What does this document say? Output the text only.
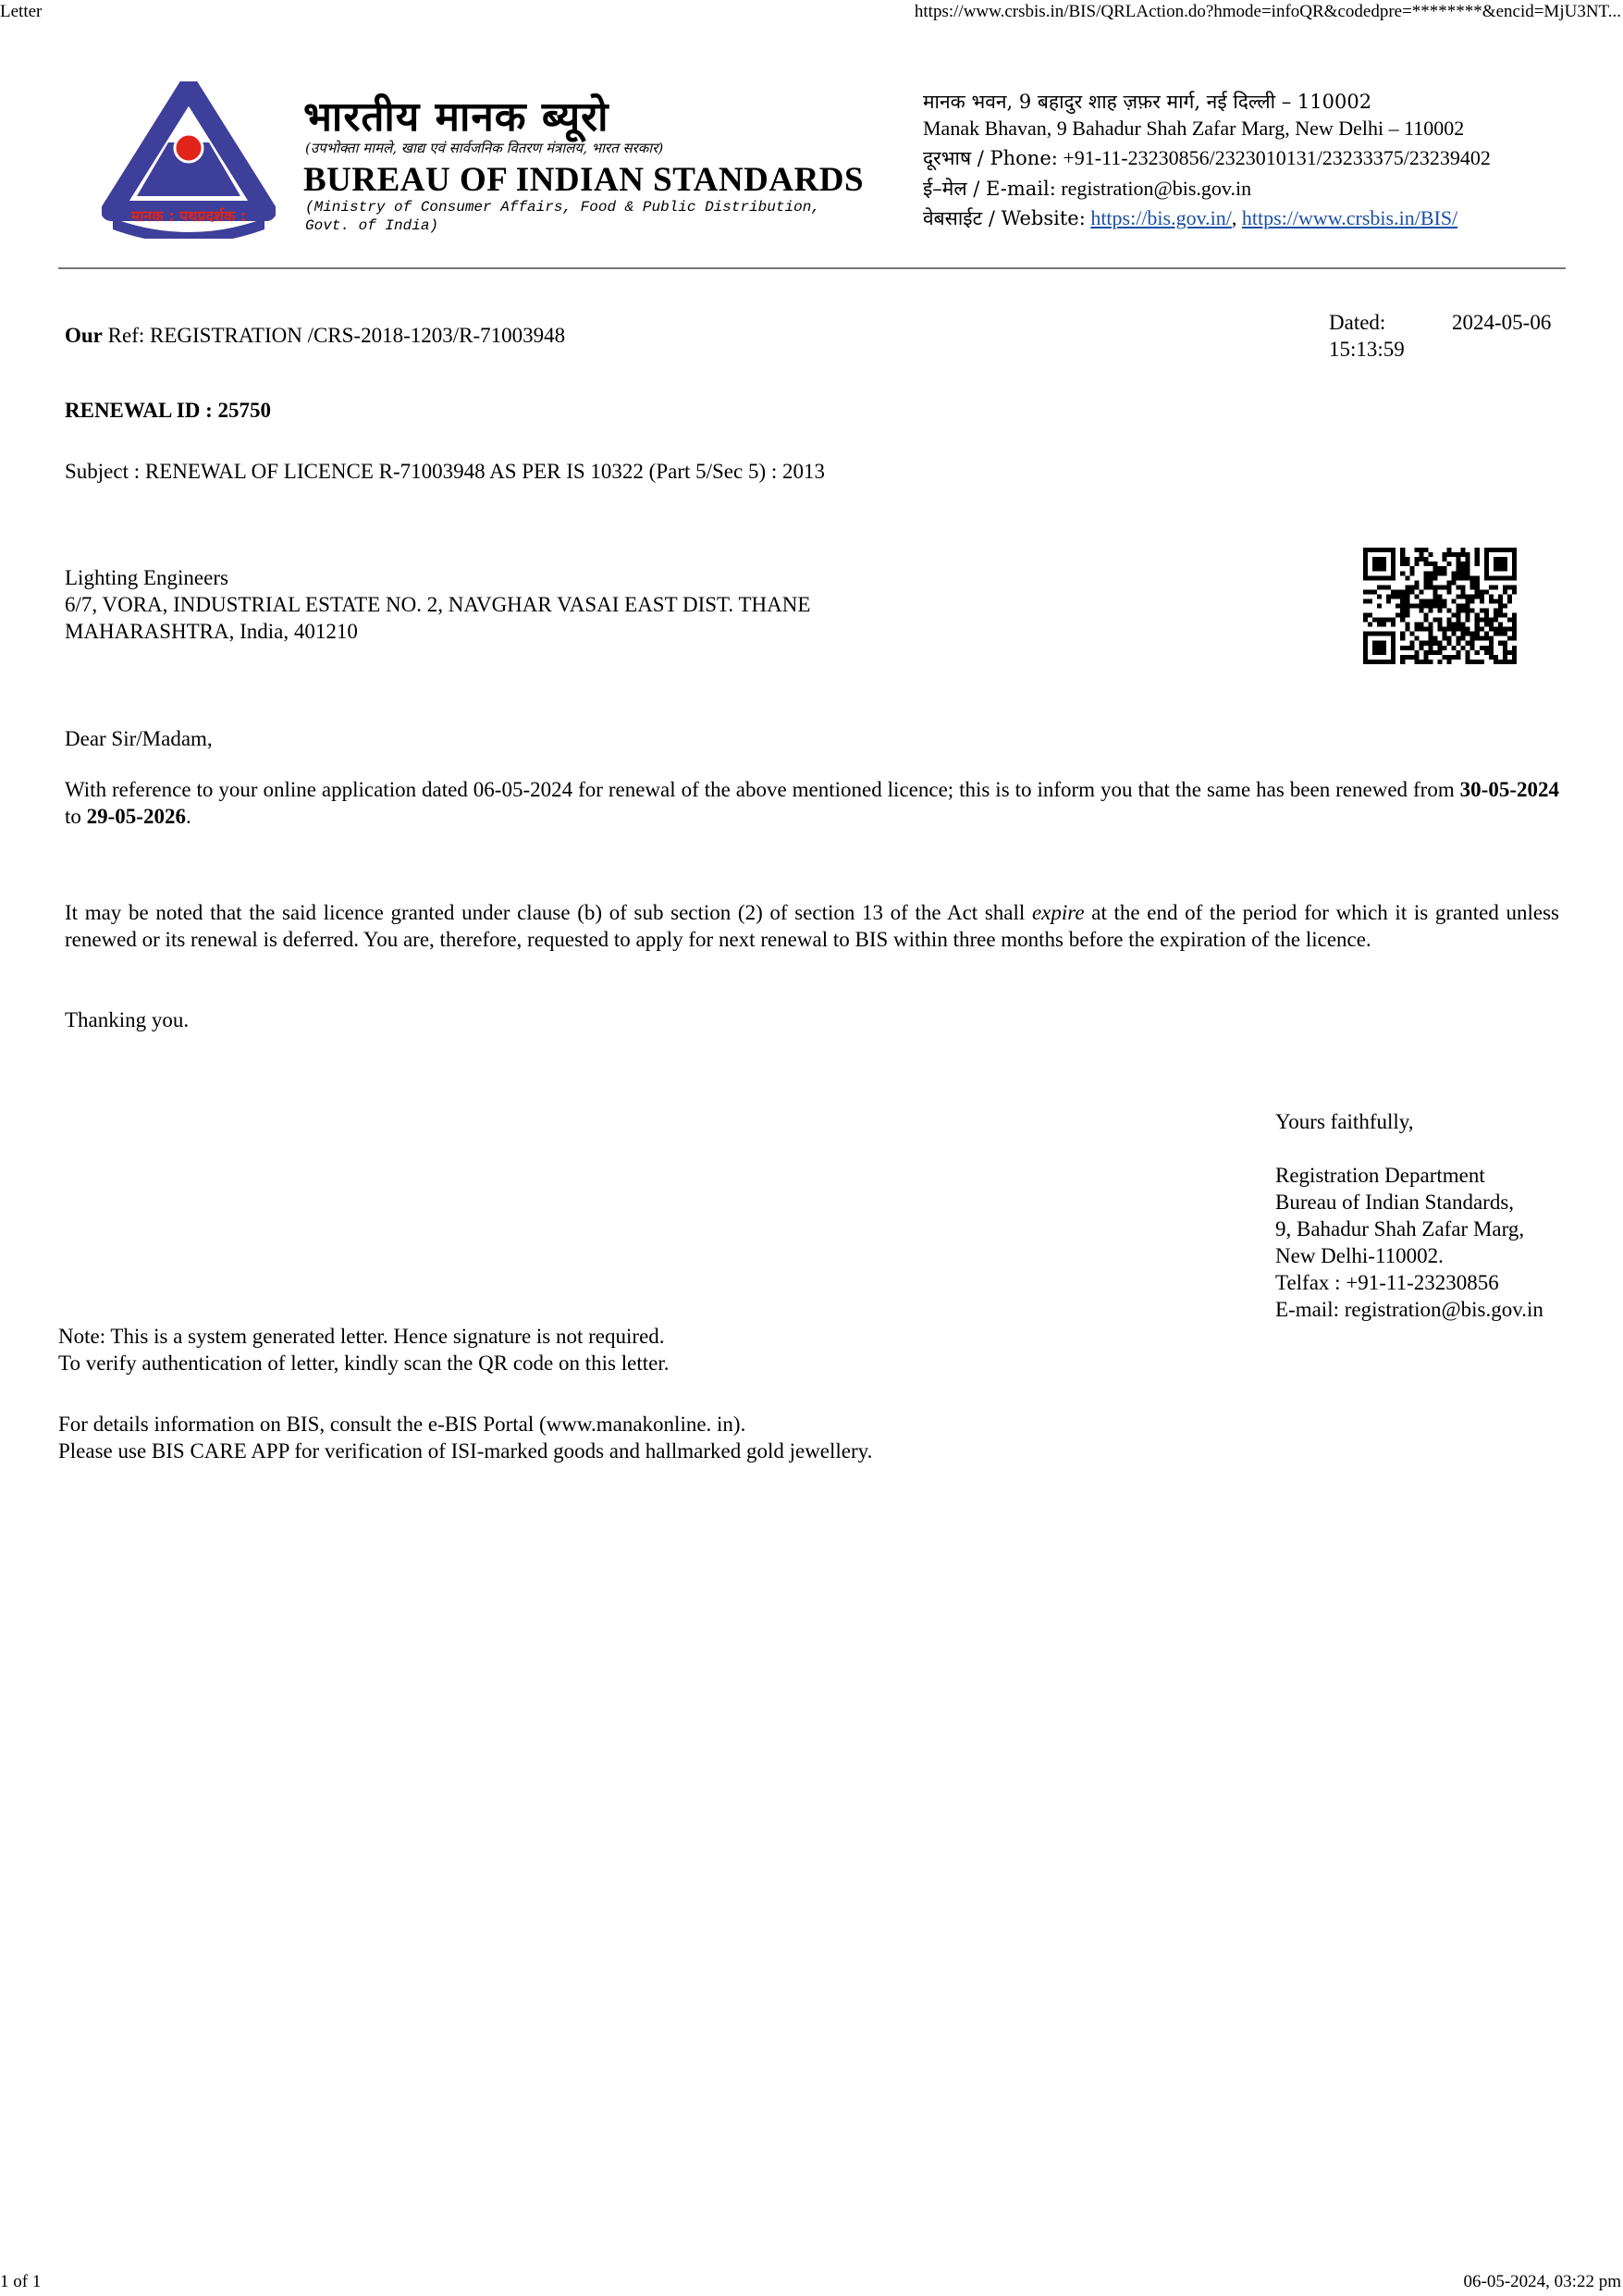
Letter	https://www.crsbis.in/BIS/QRLAction.do?hmode=infoQR&codedpre=********&encid=MjU3NT...
मानक : पथप्रदर्शक :
भारतीय मानक ब्यूरो
(उपभोक्ता मामले, खाद्य एवं सार्वजनिक वितरण मंत्रालय, भारत सरकार)
BUREAU OF INDIAN STANDARDS
(Ministry of Consumer Affairs, Food & Public Distribution,
Govt. of India)
मानक भवन, 9 बहादुर शाह ज़फ़र मार्ग, नई दिल्ली – 110002
Manak Bhavan, 9 Bahadur Shah Zafar Marg, New Delhi – 110002
दूरभाष / Phone: +91-11-23230856/2323010131/23233375/23239402
ई–मेल / E-mail: registration@bis.gov.in
वेबसाईट / Website: https://bis.gov.in/, https://www.crsbis.in/BIS/
Our Ref: REGISTRATION /CRS-2018-1203/R-71003948
Dated:	2024-05-06
15:13:59
RENEWAL ID : 25750
Subject : RENEWAL OF LICENCE R-71003948 AS PER IS 10322 (Part 5/Sec 5) : 2013
Lighting Engineers
6/7, VORA, INDUSTRIAL ESTATE NO. 2, NAVGHAR VASAI EAST DIST. THANE
MAHARASHTRA, India, 401210
Dear Sir/Madam,
With reference to your online application dated 06-05-2024 for renewal of the above mentioned licence; this is to inform you that the same has been renewed from 30-05-2024 to 29-05-2026.
It may be noted that the said licence granted under clause (b) of sub section (2) of section 13 of the Act shall expire at the end of the period for which it is granted unless renewed or its renewal is deferred. You are, therefore, requested to apply for next renewal to BIS within three months before the expiration of the licence.
Thanking you.
Yours faithfully,
Registration Department
Bureau of Indian Standards,
9, Bahadur Shah Zafar Marg,
New Delhi-110002.
Telfax : +91-11-23230856
E-mail: registration@bis.gov.in
Note: This is a system generated letter. Hence signature is not required.
To verify authentication of letter, kindly scan the QR code on this letter.
For details information on BIS, consult the e-BIS Portal (www.manakonline. in).
Please use BIS CARE APP for verification of ISI-marked goods and hallmarked gold jewellery.
1 of 1	06-05-2024, 03:22 pm
